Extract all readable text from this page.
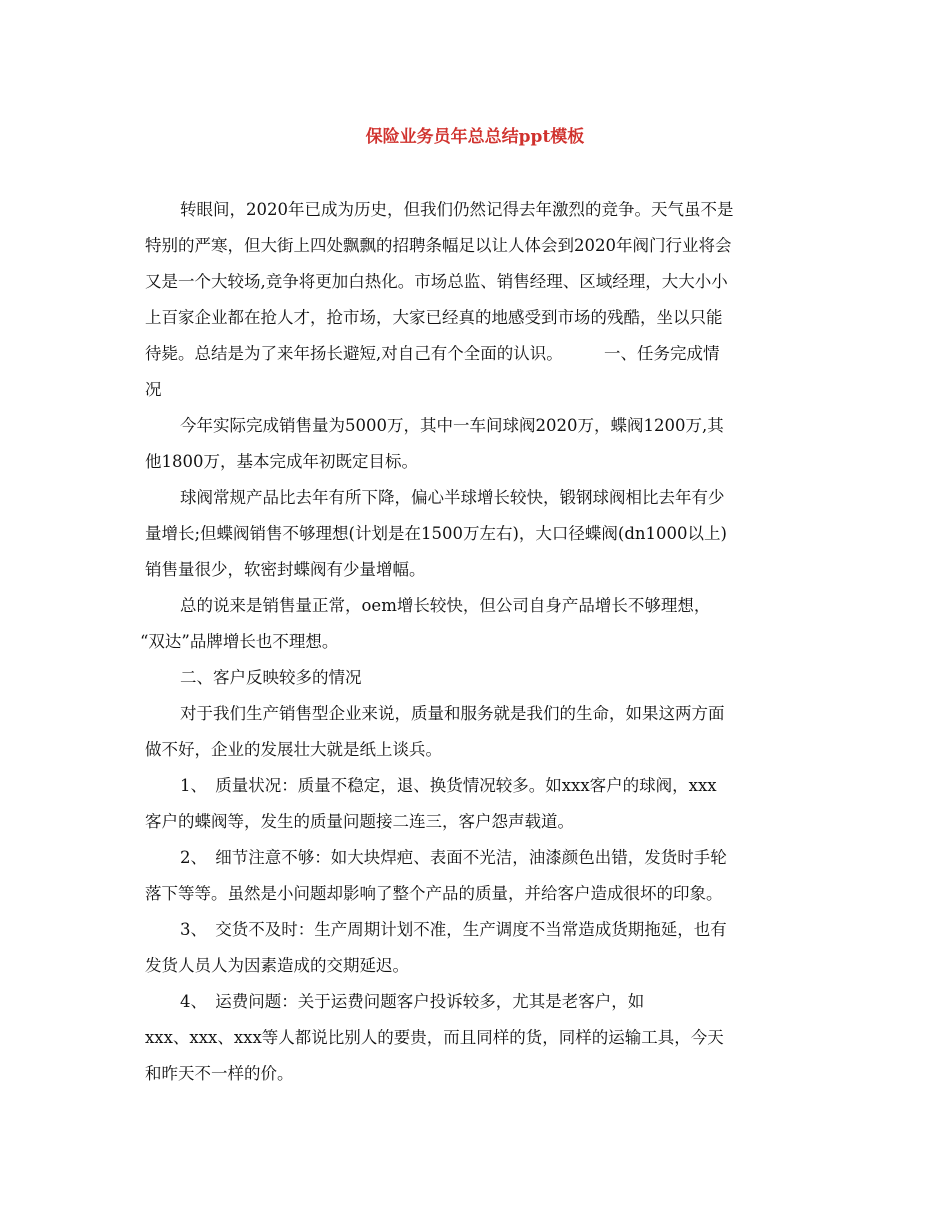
保险业务员年总总结ppt模板
转眼间，2020年已成为历史，但我们仍然记得去年激烈的竞争。天气虽不是
特别的严寒，但大街上四处飘飘的招聘条幅足以让人体会到2020年阀门行业将会
又是一个大较场,竞争将更加白热化。市场总监、销售经理、区域经理，大大小小
上百家企业都在抢人才，抢市场，大家已经真的地感受到市场的残酷，坐以只能
待毙。总结是为了来年扬长避短,对自己有个全面的认识。　　　一、任务完成情
况
今年实际完成销售量为5000万，其中一车间球阀2020万，蝶阀1200万,其
他1800万，基本完成年初既定目标。
球阀常规产品比去年有所下降，偏心半球增长较快，锻钢球阀相比去年有少
量增长;但蝶阀销售不够理想(计划是在1500万左右)，大口径蝶阀(dn1000以上)
销售量很少，软密封蝶阀有少量增幅。
总的说来是销售量正常，oem增长较快，但公司自身产品增长不够理想，
“双达”品牌增长也不理想。
二、客户反映较多的情况
对于我们生产销售型企业来说，质量和服务就是我们的生命，如果这两方面
做不好，企业的发展壮大就是纸上谈兵。
1、　质量状况：质量不稳定，退、换货情况较多。如xxx客户的球阀，xxx
客户的蝶阀等，发生的质量问题接二连三，客户怨声载道。
2、　细节注意不够：如大块焊疤、表面不光洁，油漆颜色出错，发货时手轮
落下等等。虽然是小问题却影响了整个产品的质量，并给客户造成很坏的印象。
3、　交货不及时：生产周期计划不准，生产调度不当常造成货期拖延，也有
发货人员人为因素造成的交期延迟。
4、　运费问题：关于运费问题客户投诉较多，尤其是老客户，如
xxx、xxx、xxx等人都说比别人的要贵，而且同样的货，同样的运输工具，今天
和昨天不一样的价。
